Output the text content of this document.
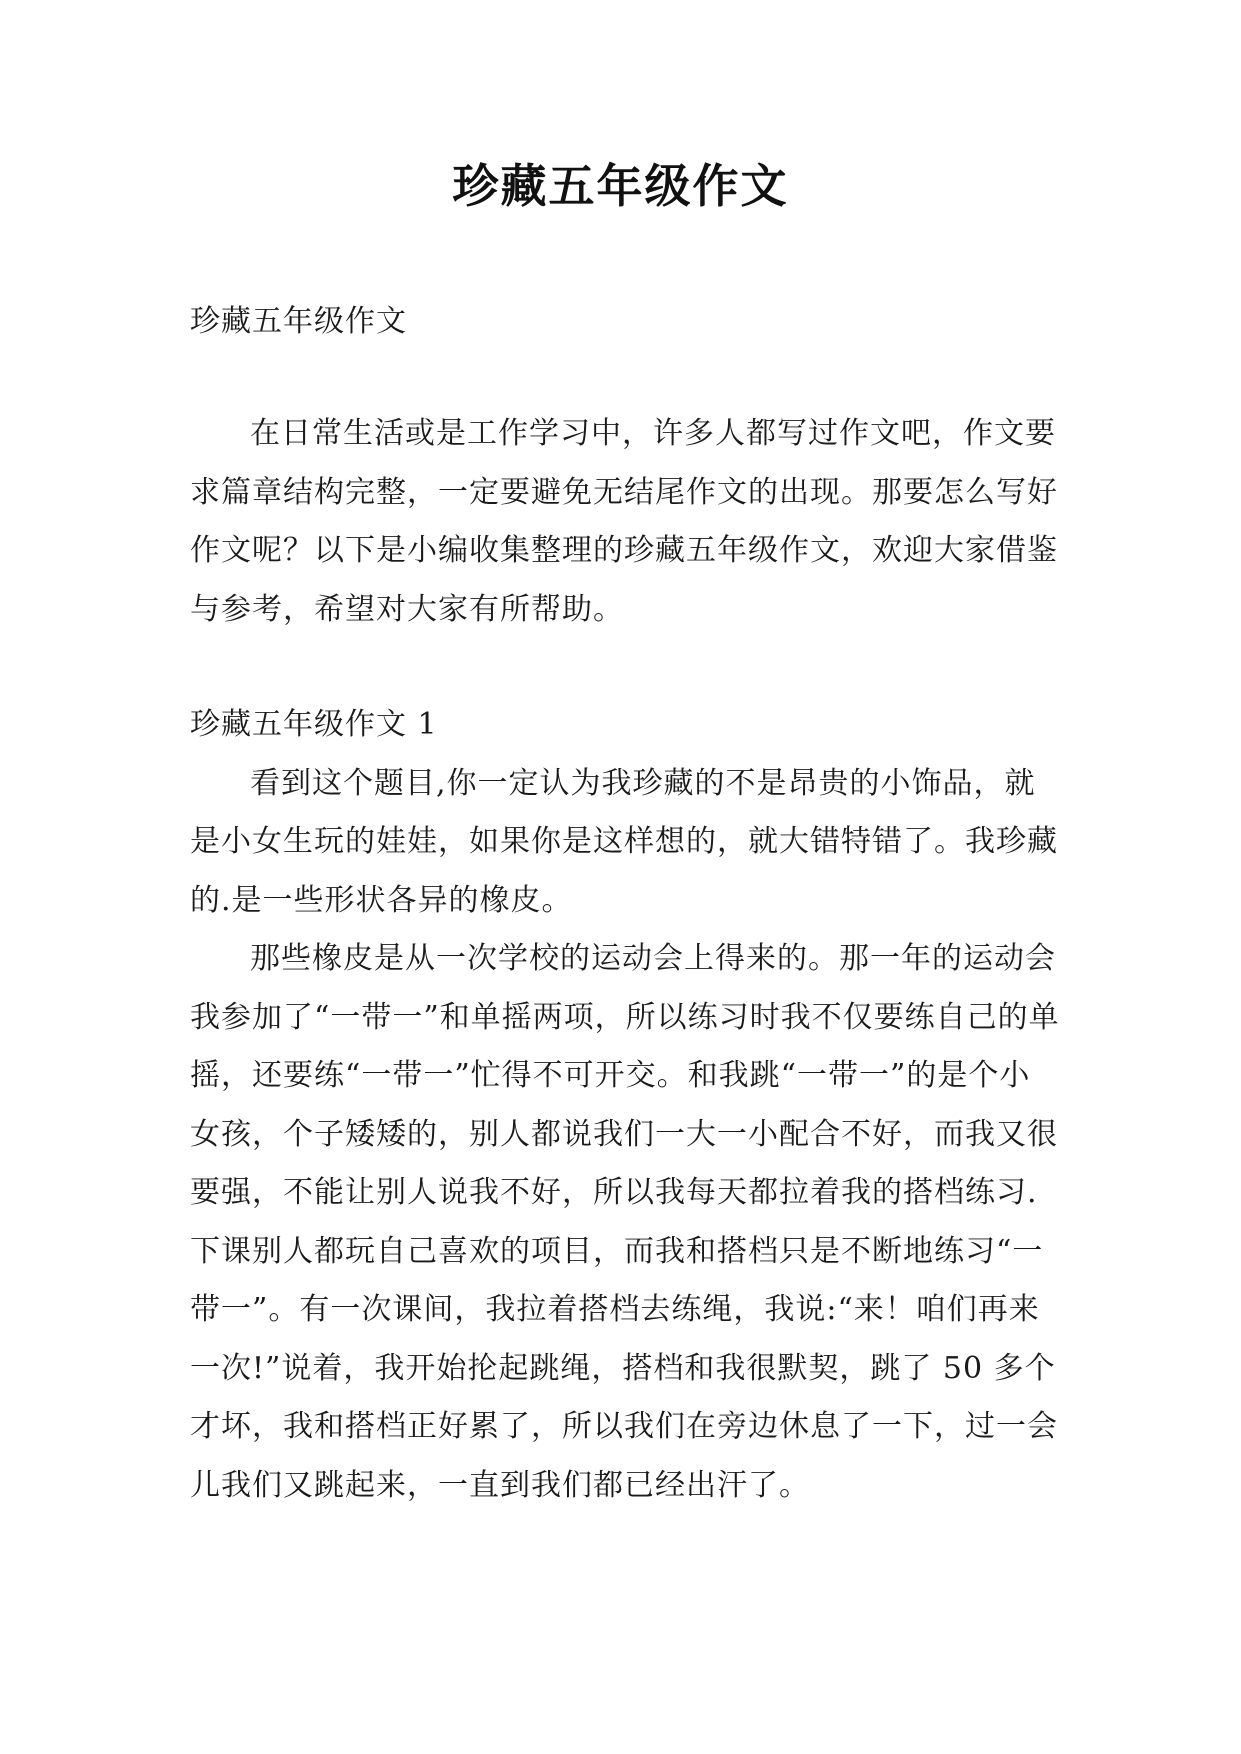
珍藏五年级作文
珍藏五年级作文

在日常生活或是工作学习中，许多人都写过作文吧，作文要求篇章结构完整，一定要避免无结尾作文的出现。那要怎么写好作文呢？以下是小编收集整理的珍藏五年级作文，欢迎大家借鉴与参考，希望对大家有所帮助。

珍藏五年级作文 1

看到这个题目,你一定认为我珍藏的不是昂贵的小饰品，就是小女生玩的娃娃，如果你是这样想的，就大错特错了。我珍藏的.是一些形状各异的橡皮。

那些橡皮是从一次学校的运动会上得来的。那一年的运动会我参加了“一带一”和单摇两项，所以练习时我不仅要练自己的单摇，还要练“一带一”忙得不可开交。和我跳“一带一”的是个小女孩，个子矮矮的，别人都说我们一大一小配合不好，而我又很要强，不能让别人说我不好，所以我每天都拉着我的搭档练习.下课别人都玩自己喜欢的项目，而我和搭档只是不断地练习“一带一”。有一次课间，我拉着搭档去练绳，我说:“来！咱们再来一次!”说着，我开始抡起跳绳，搭档和我很默契，跳了 50 多个才坏，我和搭档正好累了，所以我们在旁边休息了一下，过一会儿我们又跳起来，一直到我们都已经出汗了。
